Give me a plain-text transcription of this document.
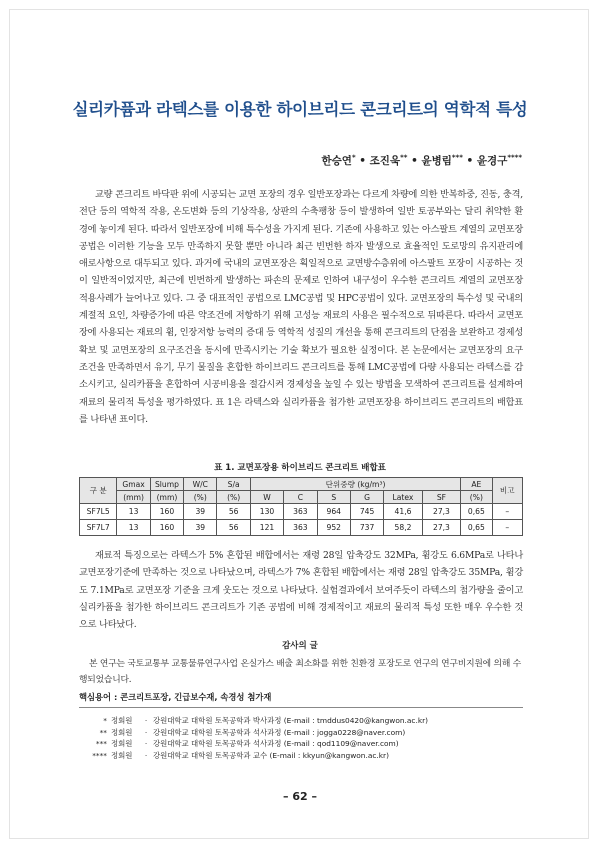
실리카퓸과 라텍스를 이용한 하이브리드 콘크리트의 역학적 특성
한승연* • 조진욱** • 윤병림*** • 윤경구****

교량 콘크리트 바닥판 위에 시공되는 교면 포장의 경우 일반포장과는 다르게 차량에 의한 반복하중, 진동, 충격, 전단 등의 역학적 작용, 온도변화 등의 기상작용, 상판의 수축팽창 등이 발생하여 일반 토공부와는 달리 취약한 환경에 놓이게 된다. 따라서 일반포장에 비해 특수성을 가지게 된다. 기존에 사용하고 있는 아스팔트 계열의 교면포장 공법은 이러한 기능을 모두 만족하지 못할 뿐만 아니라 최근 빈번한 하자 발생으로 효율적인 도로망의 유지관리에 애로사항으로 대두되고 있다. 과거에 국내의 교면포장은 획일적으로 교면방수층위에 아스팔트 포장이 시공하는 것이 일반적이었지만, 최근에 빈번하게 발생하는 파손의 문제로 인하여 내구성이 우수한 콘크리트 계열의 교면포장 적용사례가 늘어나고 있다. 그 중 대표적인 공법으로 LMC공법 및 HPC공법이 있다. 교면포장의 특수성 및 국내의 계절적 요인, 차량증가에 따른 약조건에 저항하기 위해 고성능 재료의 사용은 필수적으로 뒤따른다. 따라서 교면포장에 사용되는 재료의 휨, 인장저항 능력의 증대 등 역학적 성질의 개선을 통해 콘크리트의 단점을 보완하고 경제성 확보 및 교면포장의 요구조건을 동시에 만족시키는 기술 확보가 필요한 실정이다. 본 논문에서는 교면포장의 요구조건을 만족하면서 유기, 무기 물질을 혼합한 하이브리드 콘크리트를 통해 LMC공법에 다량 사용되는 라텍스를 감소시키고, 실리카퓸을 혼합하여 시공비용을 절감시켜 경제성을 높일 수 있는 방법을 모색하여 콘크리트를 설계하여 재료의 물리적 특성을 평가하였다. 표 1은 라텍스와 실리카퓸을 첨가한 교면포장용 하이브리드 콘크리트의 배합표를 나타낸 표이다.

표 1. 교면포장용 하이브리드 콘크리트 배합표
구 분	Gmax	Slump	W/C	S/a	단위중량 (kg/m³)						AE	비고
	(mm)	(mm)	(%)	(%)	W	C	S	G	Latex	SF	(%)	
SF7L5	13	160	39	56	130	363	964	745	41,6	27,3	0,65	–
SF7L7	13	160	39	56	121	363	952	737	58,2	27,3	0,65	–

재료적 특징으로는 라텍스가 5% 혼합된 배합에서는 재령 28일 압축강도 32MPa, 휨강도 6.6MPa로 나타나 교면포장기준에 만족하는 것으로 나타났으며, 라텍스가 7% 혼합된 배합에서는 재령 28일 압축강도 35MPa, 휨강도 7.1MPa로 교면포장 기준을 크게 웃도는 것으로 나타났다. 실험결과에서 보여주듯이 라텍스의 첨가량을 줄이고 실리카퓸을 첨가한 하이브리드 콘크리트가 기존 공법에 비해 경제적이고 재료의 물리적 특성 또한 매우 우수한 것으로 나타났다.

감사의 글

본 연구는 국토교통부 교통물류연구사업 온실가스 배출 최소화를 위한 친환경 포장도로 연구의 연구비지원에 의해 수행되었습니다.

핵심용어 : 콘크리트포장, 긴급보수재, 속경성 첨가재
* 정회원	· 강원대학교 대학원 토목공학과 박사과정 (E-mail : tmddus0420@kangwon.ac.kr)
** 정회원	· 강원대학교 대학원 토목공학과 석사과정 (E-mail : jogga0228@naver.com)
*** 정회원	· 강원대학교 대학원 토목공학과 석사과정 (E-mail : qod1109@naver.com)
**** 정회원	· 강원대학교 대학원 토목공학과 교수 (E-mail : kkyun@kangwon.ac.kr)
– 62 –
